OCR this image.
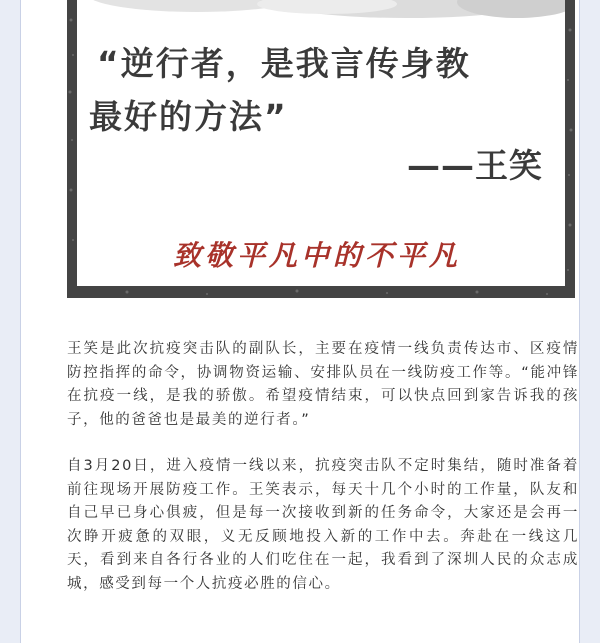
“逆行者，是我言传身教

最好的方法”

——王笑

致敬平凡中的不平凡

王笑是此次抗疫突击队的副队长，主要在疫情一线负责传达市、区疫情防控指挥的命令，协调物资运输、安排队员在一线防疫工作等。“能冲锋在抗疫一线，是我的骄傲。希望疫情结束，可以快点回到家告诉我的孩子，他的爸爸也是最美的逆行者。”

自3月20日，进入疫情一线以来，抗疫突击队不定时集结，随时准备着前往现场开展防疫工作。王笑表示，每天十几个小时的工作量，队友和自己早已身心俱疲，但是每一次接收到新的任务命令，大家还是会再一次睁开疲惫的双眼，义无反顾地投入新的工作中去。奔赴在一线这几天，看到来自各行各业的人们吃住在一起，我看到了深圳人民的众志成城，感受到每一个人抗疫必胜的信心。
